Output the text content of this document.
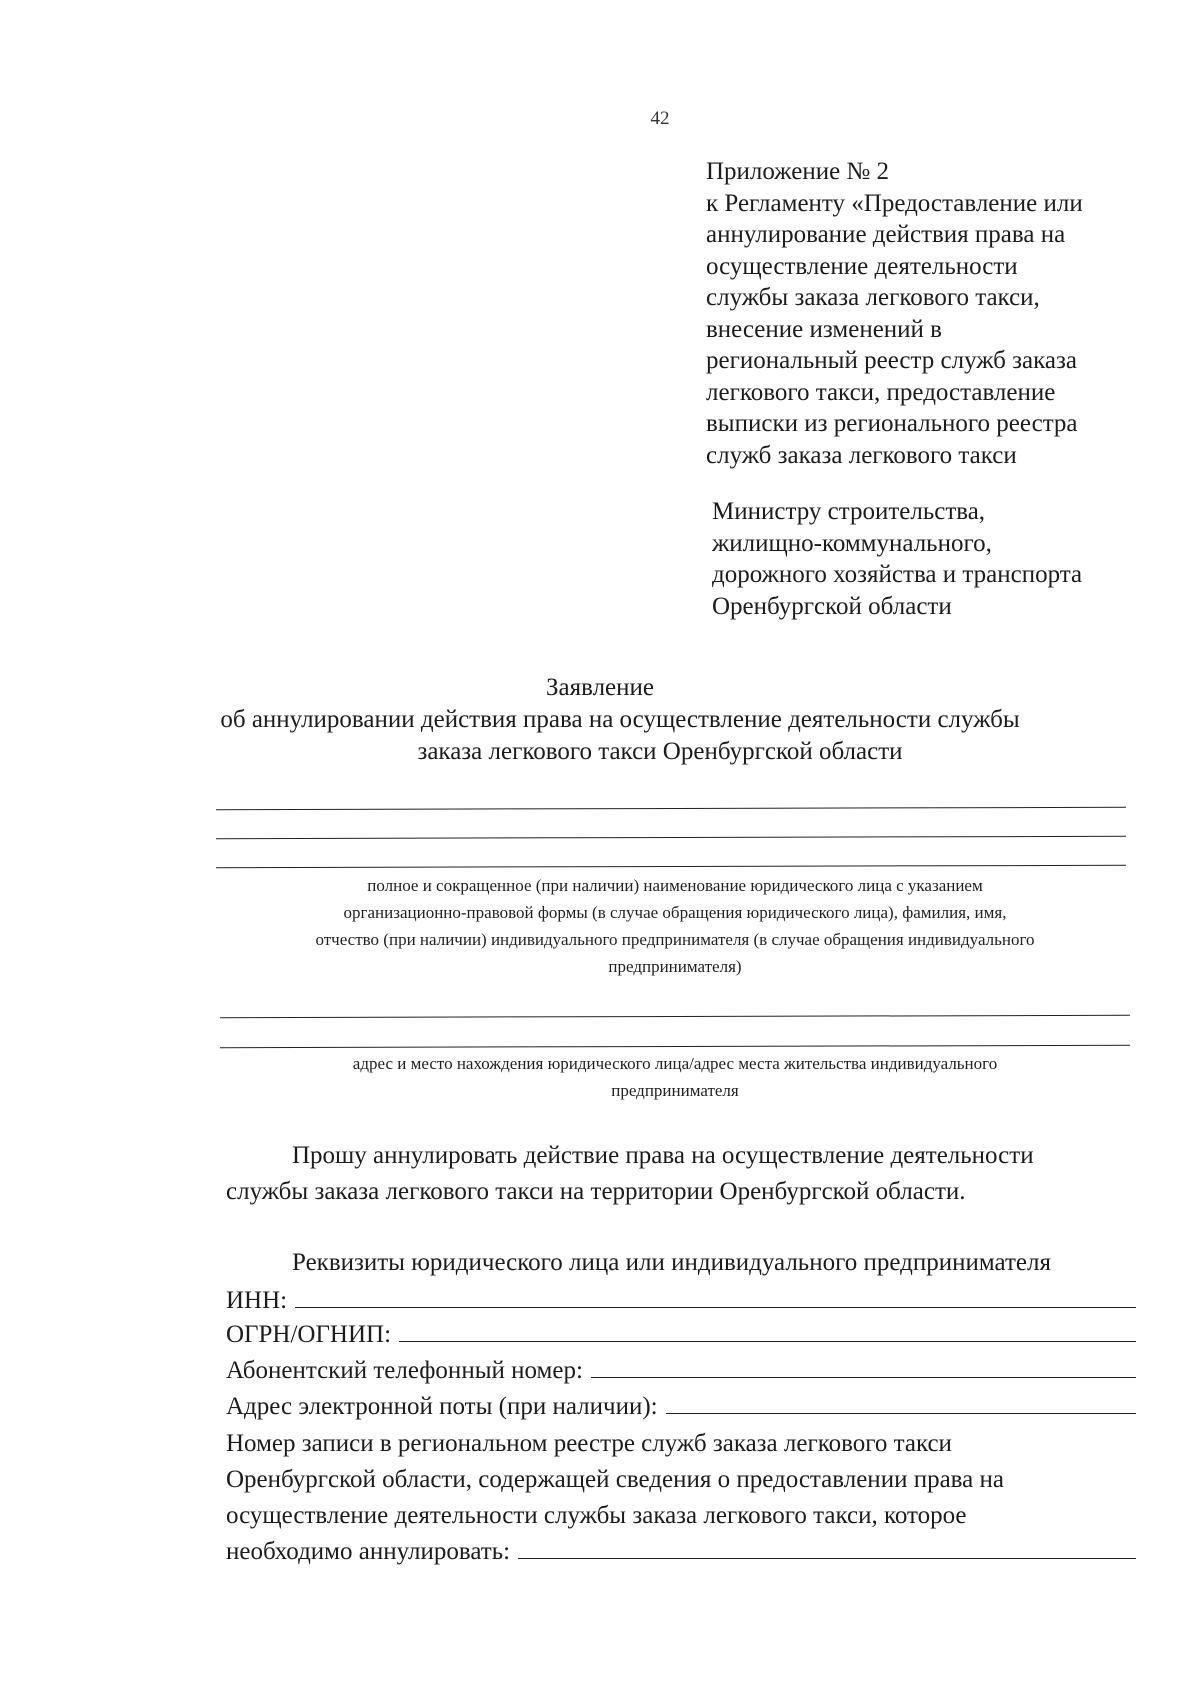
42
Приложение № 2
к Регламенту «Предоставление или
аннулирование действия права на
осуществление деятельности
службы заказа легкового такси,
внесение изменений в
региональный реестр служб заказа
легкового такси, предоставление
выписки из регионального реестра
служб заказа легкового такси
Министру строительства,
жилищно-коммунального,
дорожного хозяйства и транспорта
Оренбургской области
Заявление
об аннулировании действия права на осуществление деятельности службы
заказа легкового такси Оренбургской области
полное и сокращенное (при наличии) наименование юридического лица с указанием
организационно-правовой формы (в случае обращения юридического лица), фамилия, имя,
отчество (при наличии) индивидуального предпринимателя (в случае обращения индивидуального
предпринимателя)
адрес и место нахождения юридического лица/адрес места жительства индивидуального
предпринимателя
Прошу аннулировать действие права на осуществление деятельности
службы заказа легкового такси на территории Оренбургской области.
Реквизиты юридического лица или индивидуального предпринимателя
ИНН:
ОГРН/ОГНИП:
Абонентский телефонный номер:
Адрес электронной поты (при наличии):
Номер записи в региональном реестре служб заказа легкового такси
Оренбургской области, содержащей сведения о предоставлении права на
осуществление деятельности службы заказа легкового такси, которое
необходимо аннулировать:
